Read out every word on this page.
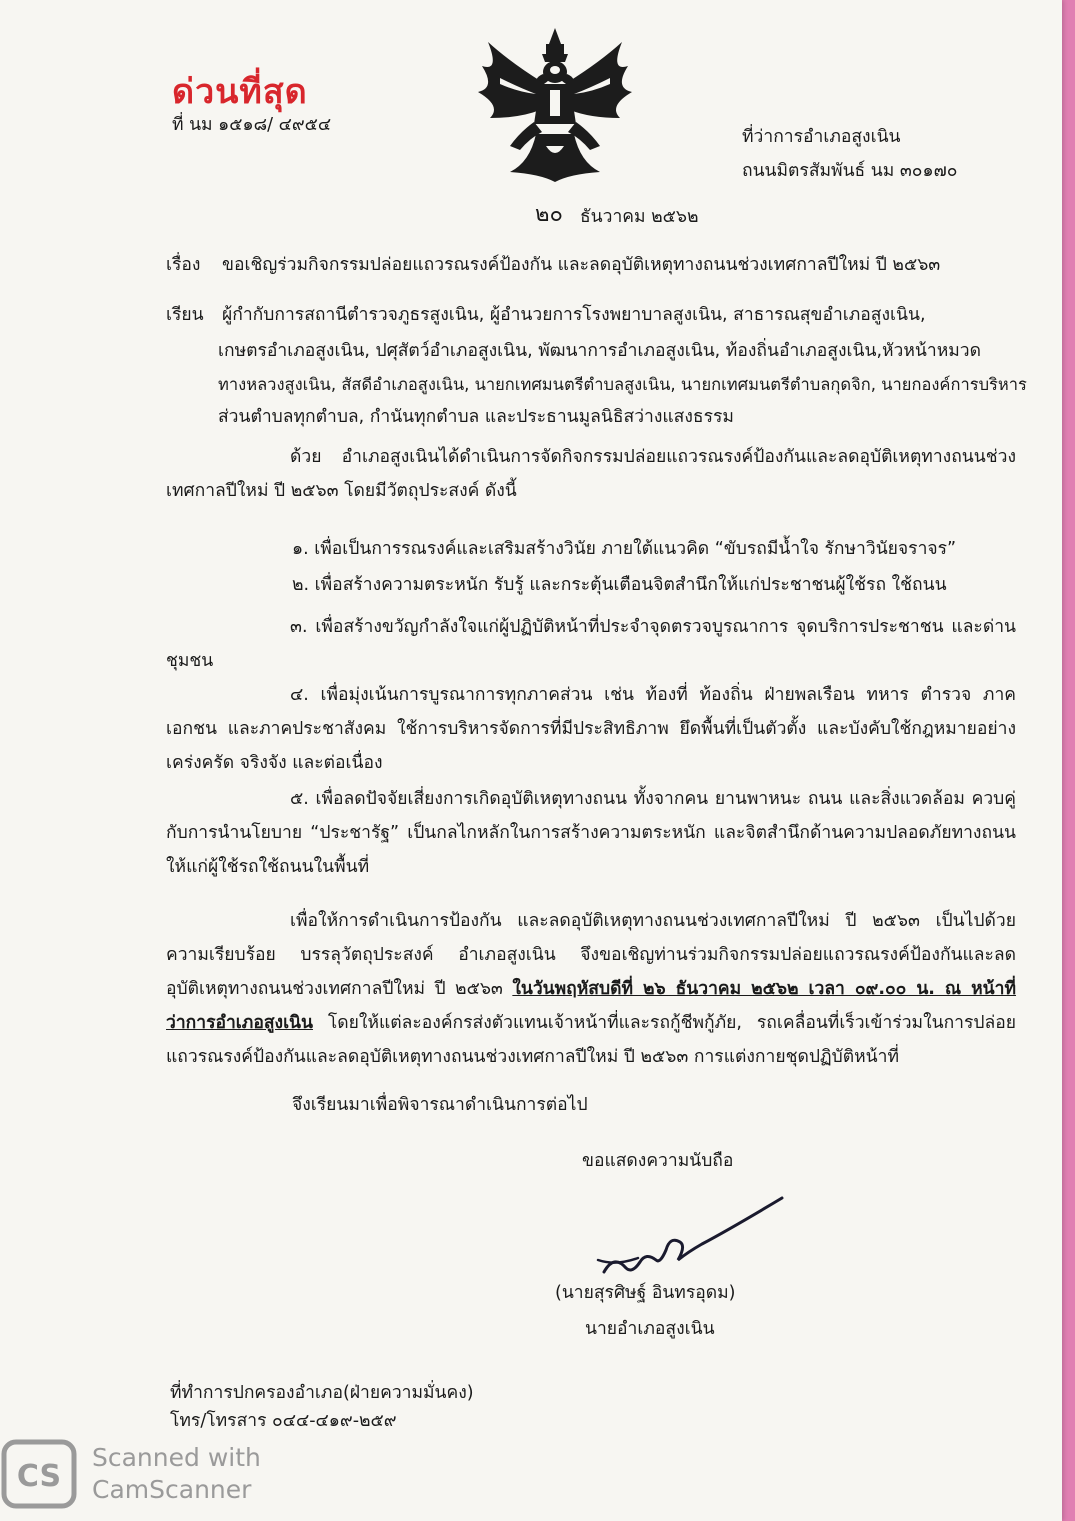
ด่วนที่สุด
ที่ นม ๑๕๑๘/ ๔๙๕๔
ที่ว่าการอำเภอสูงเนิน
ถนนมิตรสัมพันธ์ นม ๓๐๑๗๐
๒๐ ธันวาคม ๒๕๖๒
เรื่อง ขอเชิญร่วมกิจกรรมปล่อยแถวรณรงค์ป้องกัน และลดอุบัติเหตุทางถนนช่วงเทศกาลปีใหม่ ปี ๒๕๖๓
เรียน ผู้กำกับการสถานีตำรวจภูธรสูงเนิน, ผู้อำนวยการโรงพยาบาลสูงเนิน, สาธารณสุขอำเภอสูงเนิน,
เกษตรอำเภอสูงเนิน, ปศุสัตว์อำเภอสูงเนิน, พัฒนาการอำเภอสูงเนิน, ท้องถิ่นอำเภอสูงเนิน,หัวหน้าหมวด
ทางหลวงสูงเนิน, สัสดีอำเภอสูงเนิน, นายกเทศมนตรีตำบลสูงเนิน, นายกเทศมนตรีตำบลกุดจิก, นายกองค์การบริหาร
ส่วนตำบลทุกตำบล, กำนันทุกตำบล และประธานมูลนิธิสว่างแสงธรรม
ด้วย อำเภอสูงเนินได้ดำเนินการจัดกิจกรรมปล่อยแถวรณรงค์ป้องกันและลดอุบัติเหตุทางถนนช่วงเทศกาลปีใหม่ ปี ๒๕๖๓ โดยมีวัตถุประสงค์ ดังนี้
๑. เพื่อเป็นการรณรงค์และเสริมสร้างวินัย ภายใต้แนวคิด “ขับรถมีน้ำใจ รักษาวินัยจราจร”
๒. เพื่อสร้างความตระหนัก รับรู้ และกระตุ้นเตือนจิตสำนึกให้แก่ประชาชนผู้ใช้รถ ใช้ถนน
๓. เพื่อสร้างขวัญกำลังใจแก่ผู้ปฏิบัติหน้าที่ประจำจุดตรวจบูรณาการ จุดบริการประชาชน และด่านชุมชน
๔. เพื่อมุ่งเน้นการบูรณาการทุกภาคส่วน เช่น ท้องที่ ท้องถิ่น ฝ่ายพลเรือน ทหาร ตำรวจ ภาคเอกชน และภาคประชาสังคม ใช้การบริหารจัดการที่มีประสิทธิภาพ ยึดพื้นที่เป็นตัวตั้ง และบังคับใช้กฎหมายอย่างเคร่งครัด จริงจัง และต่อเนื่อง
๕. เพื่อลดปัจจัยเสี่ยงการเกิดอุบัติเหตุทางถนน ทั้งจากคน ยานพาหนะ ถนน และสิ่งแวดล้อม ควบคู่กับการนำนโยบาย “ประชารัฐ” เป็นกลไกหลักในการสร้างความตระหนัก และจิตสำนึกด้านความปลอดภัยทางถนนให้แก่ผู้ใช้รถใช้ถนนในพื้นที่
เพื่อให้การดำเนินการป้องกัน และลดอุบัติเหตุทางถนนช่วงเทศกาลปีใหม่ ปี ๒๕๖๓ เป็นไปด้วยความเรียบร้อย บรรลุวัตถุประสงค์ อำเภอสูงเนิน จึงขอเชิญท่านร่วมกิจกรรมปล่อยแถวรณรงค์ป้องกันและลดอุบัติเหตุทางถนนช่วงเทศกาลปีใหม่ ปี ๒๕๖๓ ในวันพฤหัสบดีที่ ๒๖ ธันวาคม ๒๕๖๒ เวลา ๐๙.๐๐ น. ณ หน้าที่ว่าการอำเภอสูงเนิน โดยให้แต่ละองค์กรส่งตัวแทนเจ้าหน้าที่และรถกู้ชีพกู้ภัย, รถเคลื่อนที่เร็วเข้าร่วมในการปล่อยแถวรณรงค์ป้องกันและลดอุบัติเหตุทางถนนช่วงเทศกาลปีใหม่ ปี ๒๕๖๓ การแต่งกายชุดปฏิบัติหน้าที่
จึงเรียนมาเพื่อพิจารณาดำเนินการต่อไป
ขอแสดงความนับถือ
(นายสุรศิษฐ์ อินทรอุดม)
นายอำเภอสูงเนิน
ที่ทำการปกครองอำเภอ(ฝ่ายความมั่นคง)
โทร/โทรสาร ๐๔๔-๔๑๙-๒๕๙
CS
Scanned with
CamScanner
